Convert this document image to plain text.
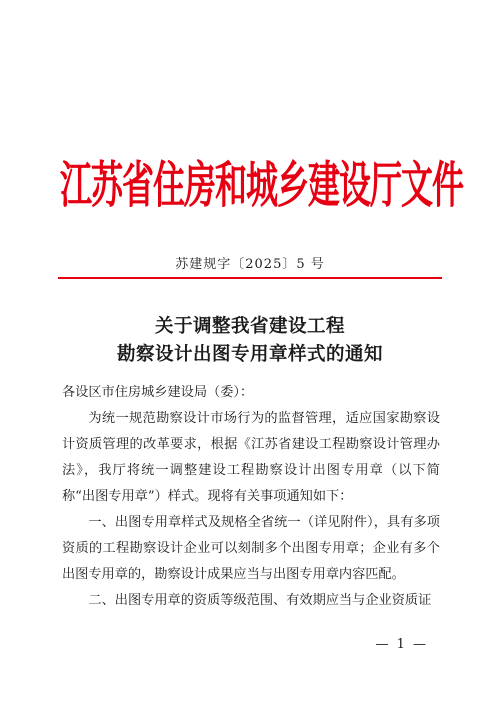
江苏省住房和城乡建设厅文件
苏建规字〔2025〕5 号
关于调整我省建设工程
勘察设计出图专用章样式的通知
各设区市住房城乡建设局（委）：

为统一规范勘察设计市场行为的监督管理，适应国家勘察设计资质管理的改革要求，根据《江苏省建设工程勘察设计管理办法》，我厅将统一调整建设工程勘察设计出图专用章（以下简称“出图专用章”）样式。现将有关事项通知如下：

一、出图专用章样式及规格全省统一（详见附件），具有多项资质的工程勘察设计企业可以刻制多个出图专用章；企业有多个出图专用章的，勘察设计成果应当与出图专用章内容匹配。

二、出图专用章的资质等级范围、有效期应当与企业资质证

— 1 —
